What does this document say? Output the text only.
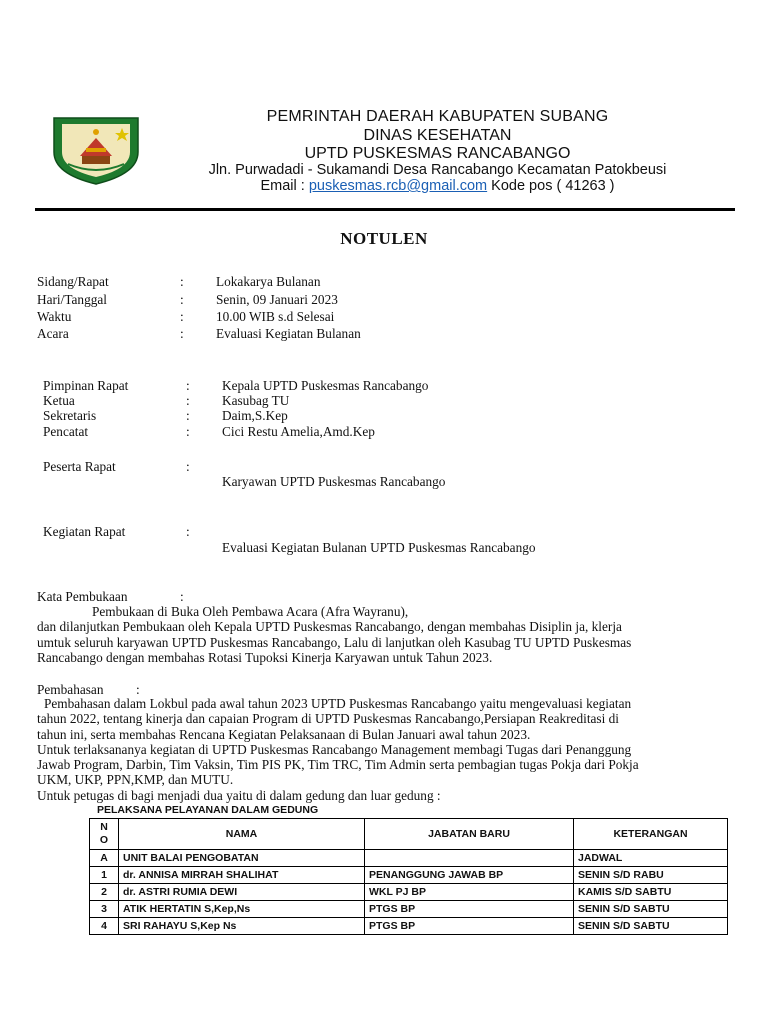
PEMRINTAH DAERAH KABUPATEN SUBANG
DINAS KESEHATAN
UPTD PUSKESMAS RANCABANGO
Jln. Purwadadi - Sukamandi Desa Rancabango Kecamatan Patokbeusi
Email : puskesmas.rcb@gmail.com Kode pos ( 41263 )
NOTULEN
Sidang/Rapat	: Lokakarya Bulanan
Hari/Tanggal	: Senin, 09 Januari 2023
Waktu	: 10.00 WIB s.d Selesai
Acara	: Evaluasi Kegiatan Bulanan
Pimpinan Rapat	: Kepala UPTD Puskesmas Rancabango
Ketua	: Kasubag TU
Sekretaris	: Daim,S.Kep
Pencatat	: Cici Restu Amelia,Amd.Kep
Peserta Rapat	:
Karyawan UPTD Puskesmas Rancabango
Kegiatan Rapat	:
Evaluasi Kegiatan Bulanan UPTD Puskesmas Rancabango
Kata Pembukaan	:
Pembukaan di Buka Oleh Pembawa Acara (Afra Wayranu),
dan dilanjutkan Pembukaan oleh Kepala UPTD Puskesmas Rancabango, dengan membahas Disiplin ja, klerja
umtuk seluruh karyawan UPTD Puskesmas Rancabango, Lalu di lanjutkan oleh Kasubag TU UPTD Puskesmas
Rancabango dengan membahas Rotasi Tupoksi Kinerja Karyawan untuk Tahun 2023.
Pembahasan :
Pembahasan dalam Lokbul pada awal tahun 2023 UPTD Puskesmas Rancabango yaitu mengevaluasi kegiatan
tahun 2022, tentang kinerja dan capaian Program di UPTD Puskesmas Rancabango,Persiapan Reakreditasi di
tahun ini, serta membahas Rencana Kegiatan Pelaksanaan di Bulan Januari awal tahun 2023.
Untuk terlaksananya kegiatan di UPTD Puskesmas Rancabango Management membagi Tugas dari Penanggung
Jawab Program, Darbin, Tim Vaksin, Tim PIS PK, Tim TRC, Tim Admin serta pembagian tugas Pokja dari Pokja
UKM, UKP, PPN,KMP, dan MUTU.
Untuk petugas di bagi menjadi dua yaitu di dalam gedung dan luar gedung :
PELAKSANA PELAYANAN DALAM GEDUNG
N
O	NAMA	JABATAN BARU	KETERANGAN
A	UNIT BALAI PENGOBATAN		JADWAL
1	dr. ANNISA MIRRAH SHALIHAT	PENANGGUNG JAWAB BP	SENIN S/D RABU
2	dr. ASTRI RUMIA DEWI	WKL PJ BP	KAMIS S/D SABTU
3	ATIK HERTATIN S,Kep,Ns	PTGS BP	SENIN S/D SABTU
4	SRI RAHAYU S,Kep Ns	PTGS BP	SENIN S/D SABTU
